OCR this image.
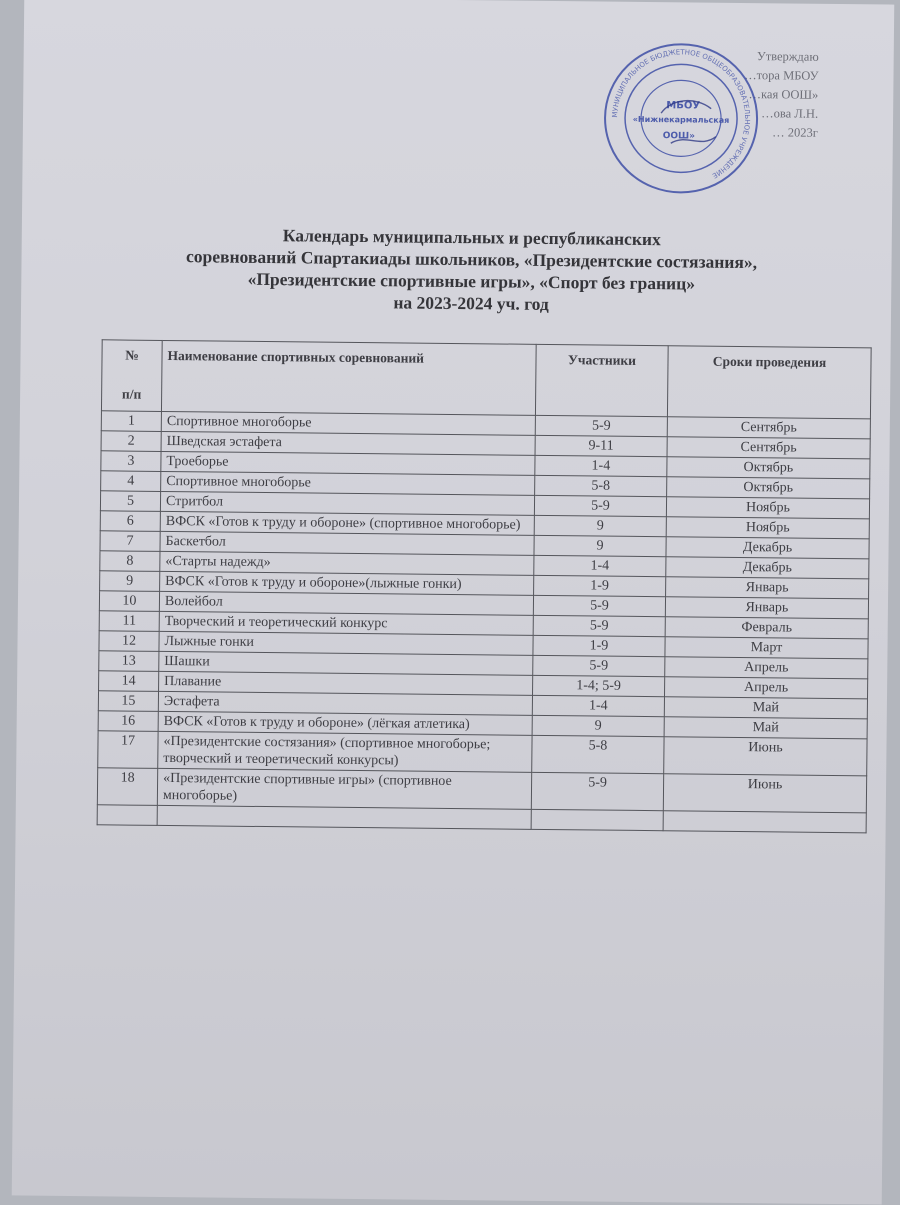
Утверждаю
…тора МБОУ
…кая ООШ»
…ова Л.Н.
… 2023г
МУНИЦИПАЛЬНОЕ БЮДЖЕТНОЕ ОБЩЕОБРАЗОВАТЕЛЬНОЕ УЧРЕЖДЕНИЕ
МБОУ
«Нижнекармальская
ООШ»
Календарь муниципальных и республиканских
соревнований Спартакиады школьников, «Президентские состязания»,
«Президентские спортивные игры», «Спорт без границ»
на 2023-2024 уч. год
№
п/п	Наименование спортивных соревнований	Участники	Сроки проведения
1	Спортивное многоборье	5-9	Сентябрь
2	Шведская эстафета	9-11	Сентябрь
3	Троеборье	1-4	Октябрь
4	Спортивное многоборье	5-8	Октябрь
5	Стритбол	5-9	Ноябрь
6	ВФСК «Готов к труду и обороне» (спортивное многоборье)	9	Ноябрь
7	Баскетбол	9	Декабрь
8	«Старты надежд»	1-4	Декабрь
9	ВФСК «Готов к труду и обороне»(лыжные гонки)	1-9	Январь
10	Волейбол	5-9	Январь
11	Творческий и теоретический конкурс	5-9	Февраль
12	Лыжные гонки	1-9	Март
13	Шашки	5-9	Апрель
14	Плавание	1-4; 5-9	Апрель
15	Эстафета	1-4	Май
16	ВФСК «Готов к труду и обороне» (лёгкая атлетика)	9	Май
17	«Президентские состязания» (спортивное многоборье; творческий и теоретический конкурсы)	5-8	Июнь
18	«Президентские спортивные игры» (спортивное многоборье)	5-9	Июнь
